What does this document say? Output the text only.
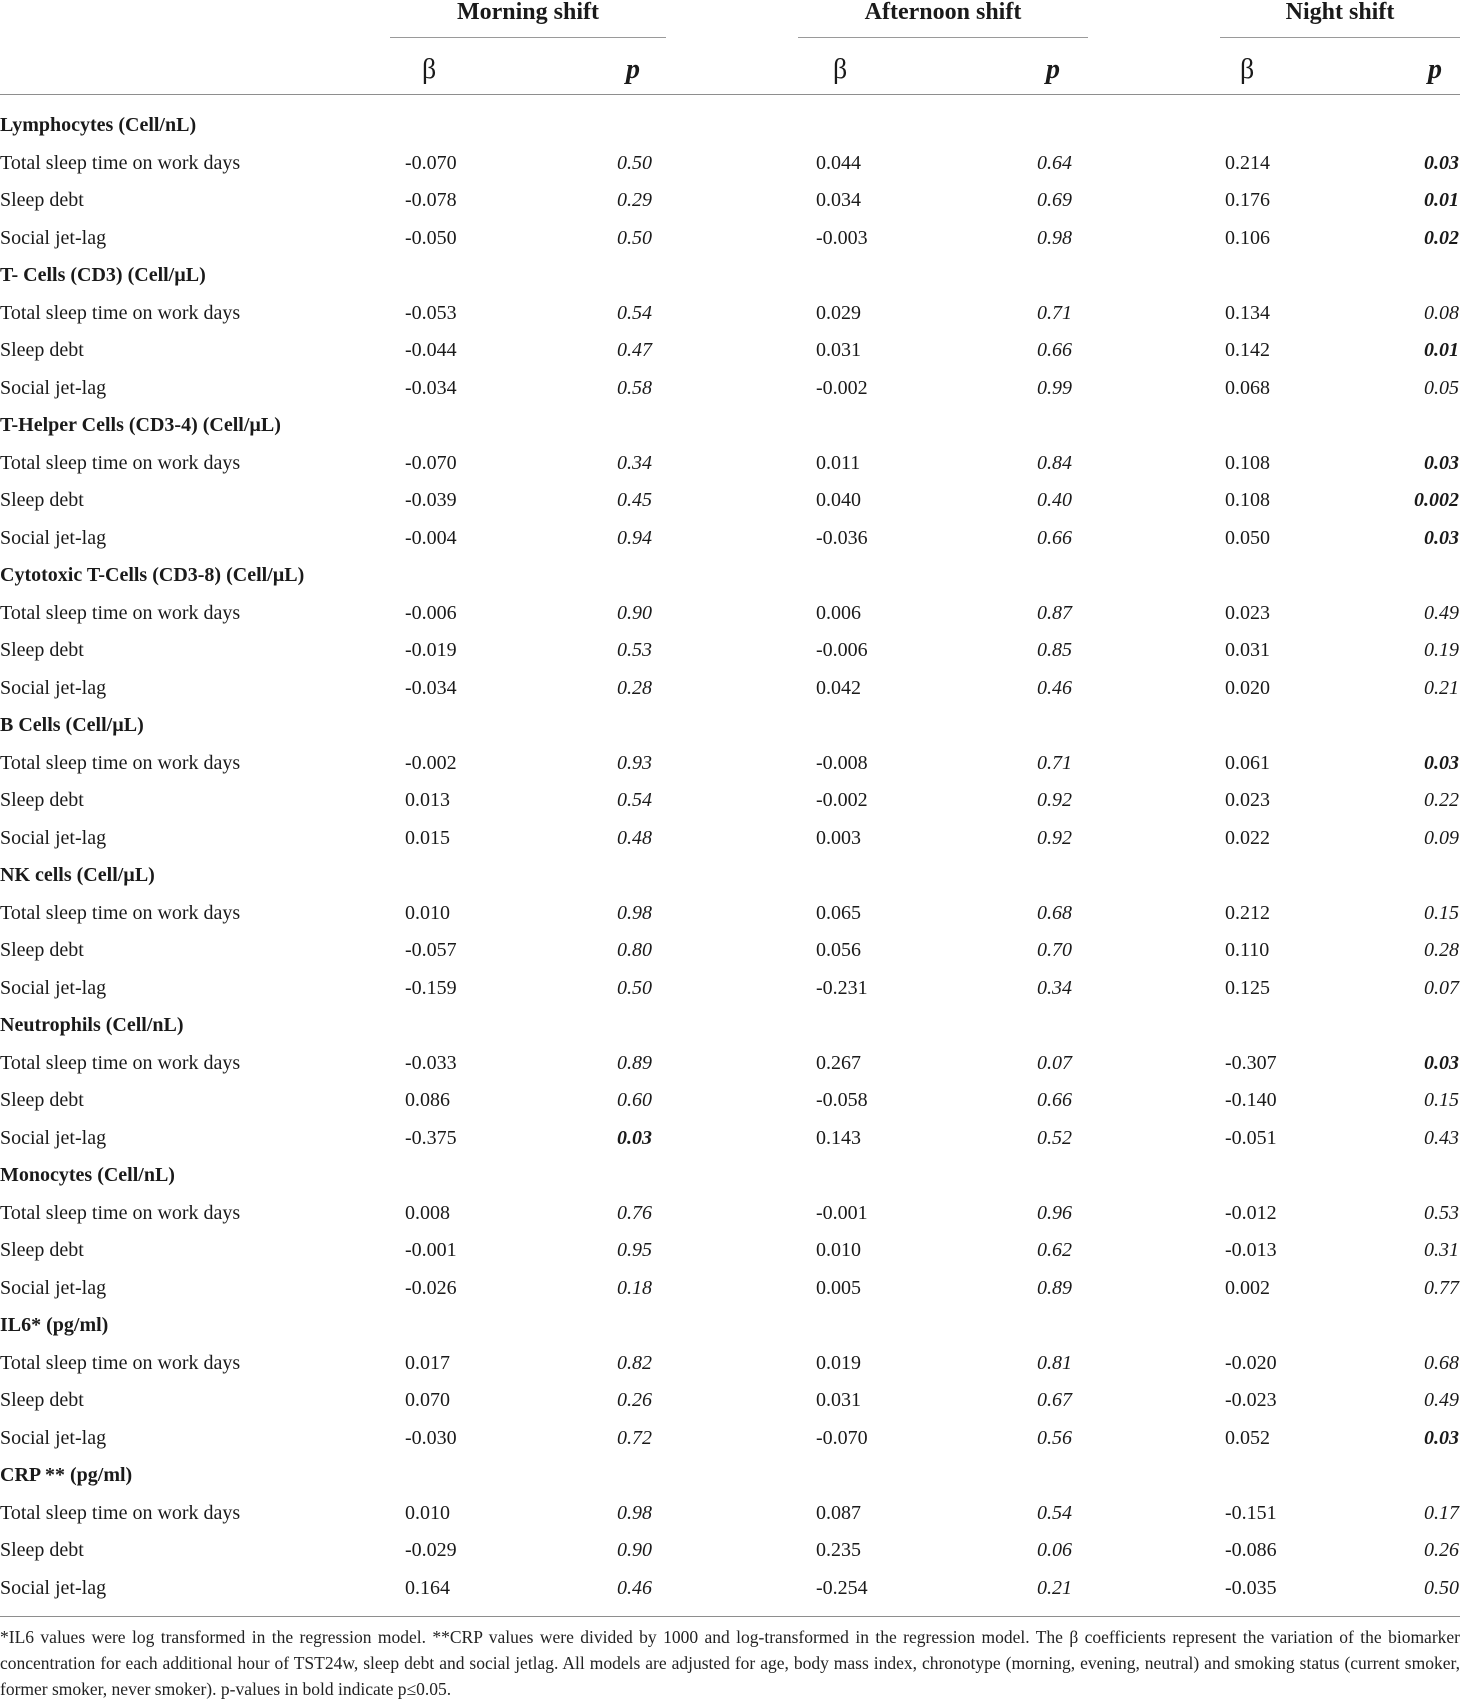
Morning shift	Afternoon shift	Night shift
β	p	β	p	β	p
Lymphocytes (Cell/nL)
Total sleep time on work days	-0.070	0.50	0.044	0.64	0.214	0.03
Sleep debt	-0.078	0.29	0.034	0.69	0.176	0.01
Social jet-lag	-0.050	0.50	-0.003	0.98	0.106	0.02
T- Cells (CD3) (Cell/µL)
Total sleep time on work days	-0.053	0.54	0.029	0.71	0.134	0.08
Sleep debt	-0.044	0.47	0.031	0.66	0.142	0.01
Social jet-lag	-0.034	0.58	-0.002	0.99	0.068	0.05
T-Helper Cells (CD3-4) (Cell/µL)
Total sleep time on work days	-0.070	0.34	0.011	0.84	0.108	0.03
Sleep debt	-0.039	0.45	0.040	0.40	0.108	0.002
Social jet-lag	-0.004	0.94	-0.036	0.66	0.050	0.03
Cytotoxic T-Cells (CD3-8) (Cell/µL)
Total sleep time on work days	-0.006	0.90	0.006	0.87	0.023	0.49
Sleep debt	-0.019	0.53	-0.006	0.85	0.031	0.19
Social jet-lag	-0.034	0.28	0.042	0.46	0.020	0.21
B Cells (Cell/µL)
Total sleep time on work days	-0.002	0.93	-0.008	0.71	0.061	0.03
Sleep debt	0.013	0.54	-0.002	0.92	0.023	0.22
Social jet-lag	0.015	0.48	0.003	0.92	0.022	0.09
NK cells (Cell/µL)
Total sleep time on work days	0.010	0.98	0.065	0.68	0.212	0.15
Sleep debt	-0.057	0.80	0.056	0.70	0.110	0.28
Social jet-lag	-0.159	0.50	-0.231	0.34	0.125	0.07
Neutrophils (Cell/nL)
Total sleep time on work days	-0.033	0.89	0.267	0.07	-0.307	0.03
Sleep debt	0.086	0.60	-0.058	0.66	-0.140	0.15
Social jet-lag	-0.375	0.03	0.143	0.52	-0.051	0.43
Monocytes (Cell/nL)
Total sleep time on work days	0.008	0.76	-0.001	0.96	-0.012	0.53
Sleep debt	-0.001	0.95	0.010	0.62	-0.013	0.31
Social jet-lag	-0.026	0.18	0.005	0.89	0.002	0.77
IL6* (pg/ml)
Total sleep time on work days	0.017	0.82	0.019	0.81	-0.020	0.68
Sleep debt	0.070	0.26	0.031	0.67	-0.023	0.49
Social jet-lag	-0.030	0.72	-0.070	0.56	0.052	0.03
CRP ** (pg/ml)
Total sleep time on work days	0.010	0.98	0.087	0.54	-0.151	0.17
Sleep debt	-0.029	0.90	0.235	0.06	-0.086	0.26
Social jet-lag	0.164	0.46	-0.254	0.21	-0.035	0.50
*IL6 values were log transformed in the regression model. **CRP values were divided by 1000 and log-transformed in the regression model. The β coefficients represent the variation of the biomarker concentration for each additional hour of TST24w, sleep debt and social jetlag. All models are adjusted for age, body mass index, chronotype (morning, evening, neutral) and smoking status (current smoker, former smoker, never smoker). p-values in bold indicate p≤0.05.
